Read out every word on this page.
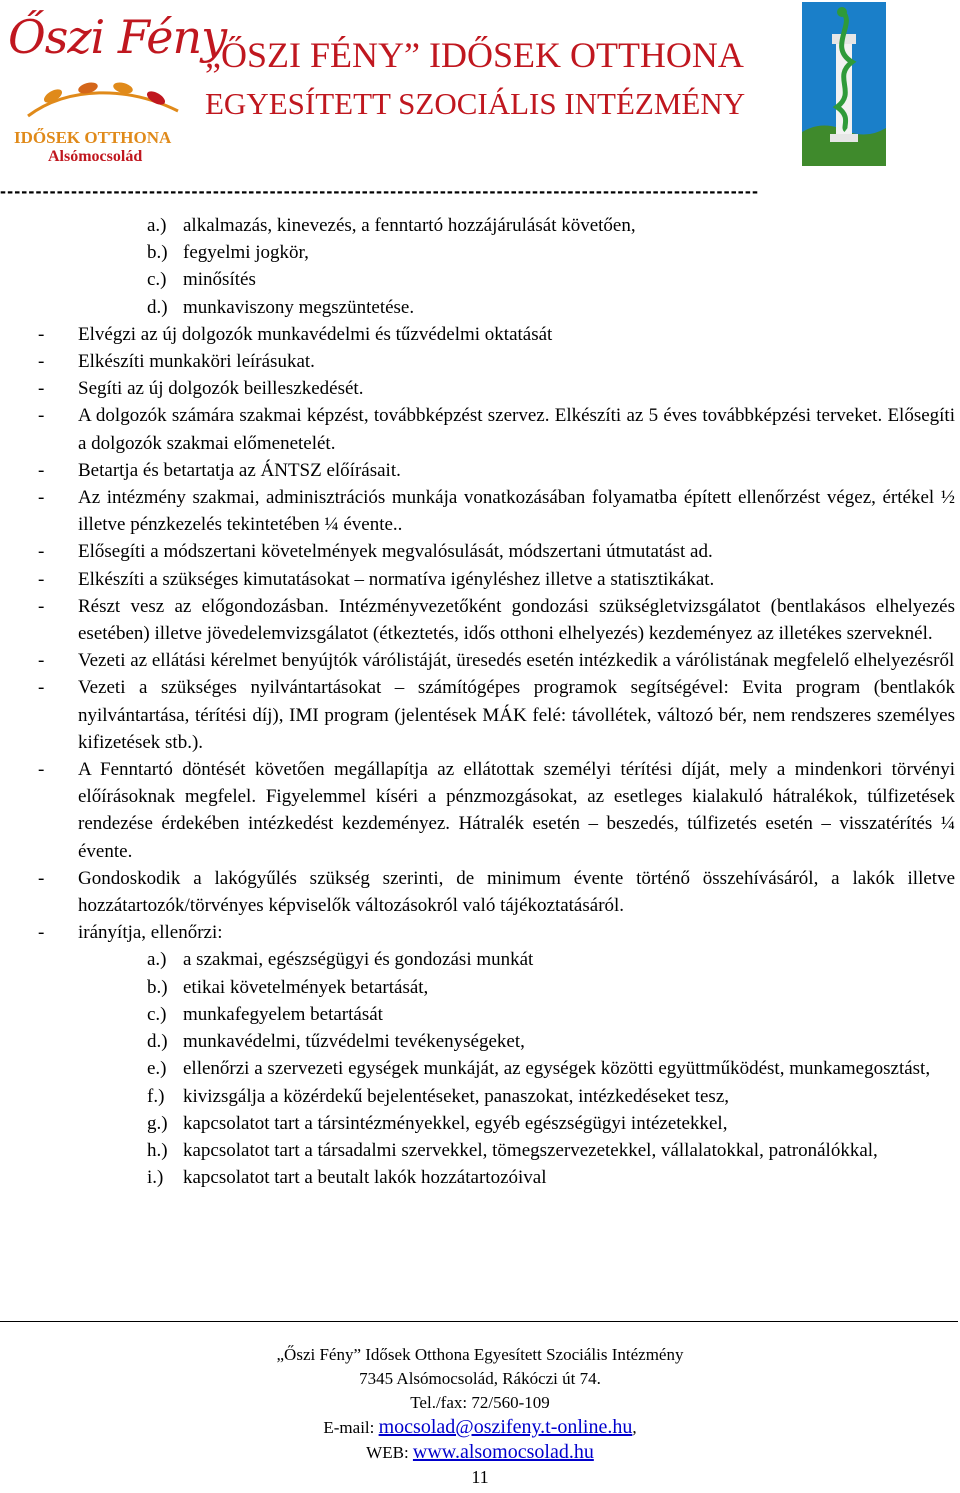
Őszi Fény
IDŐSEK OTTHONA
Alsómocsolád
„ŐSZI FÉNY” IDŐSEK OTTHONA
EGYESÍTETT SZOCIÁLIS INTÉZMÉNY
-----------------------------------------------------------------------------------------------------------
a.) alkalmazás, kinevezés, a fenntartó hozzájárulását követően,
b.) fegyelmi jogkör,
c.) minősítés
d.) munkaviszony megszüntetése.
- Elvégzi az új dolgozók munkavédelmi és tűzvédelmi oktatását
- Elkészíti munkaköri leírásukat.
- Segíti az új dolgozók beilleszkedését.
- A dolgozók számára szakmai képzést, továbbképzést szervez. Elkészíti az 5 éves továbbképzési terveket. Elősegíti a dolgozók szakmai előmenetelét.
- Betartja és betartatja az ÁNTSZ előírásait.
- Az intézmény szakmai, adminisztrációs munkája vonatkozásában folyamatba épített ellenőrzést végez, értékel ½ illetve pénzkezelés tekintetében ¼ évente..
- Elősegíti a módszertani követelmények megvalósulását, módszertani útmutatást ad.
- Elkészíti a szükséges kimutatásokat – normatíva igényléshez illetve a statisztikákat.
- Részt vesz az előgondozásban. Intézményvezetőként gondozási szükségletvizsgálatot (bentlakásos elhelyezés esetében) illetve jövedelemvizsgálatot (étkeztetés, idős otthoni elhelyezés) kezdeményez az illetékes szerveknél.
- Vezeti az ellátási kérelmet benyújtók várólistáját, üresedés esetén intézkedik a várólistának megfelelő elhelyezésről
- Vezeti a szükséges nyilvántartásokat – számítógépes programok segítségével: Evita program (bentlakók nyilvántartása, térítési díj), IMI program (jelentések MÁK felé: távollétek, változó bér, nem rendszeres személyes kifizetések stb.).
- A Fenntartó döntését követően megállapítja az ellátottak személyi térítési díját, mely a mindenkori törvényi előírásoknak megfelel. Figyelemmel kíséri a pénzmozgásokat, az esetleges kialakuló hátralékok, túlfizetések rendezése érdekében intézkedést kezdeményez. Hátralék esetén – beszedés, túlfizetés esetén – visszatérítés ¼ évente.
- Gondoskodik a lakógyűlés szükség szerinti, de minimum évente történő összehívásáról, a lakók illetve hozzátartozók/törvényes képviselők változásokról való tájékoztatásáról.
- irányítja, ellenőrzi:
a.) a szakmai, egészségügyi és gondozási munkát
b.) etikai követelmények betartását,
c.) munkafegyelem betartását
d.) munkavédelmi, tűzvédelmi tevékenységeket,
e.) ellenőrzi a szervezeti egységek munkáját, az egységek közötti együttműködést, munkamegosztást,
f.) kivizsgálja a közérdekű bejelentéseket, panaszokat, intézkedéseket tesz,
g.) kapcsolatot tart a társintézményekkel, egyéb egészségügyi intézetekkel,
h.) kapcsolatot tart a társadalmi szervekkel, tömegszervezetekkel, vállalatokkal, patronálókkal,
i.) kapcsolatot tart a beutalt lakók hozzátartozóival
„Őszi Fény” Idősek Otthona Egyesített Szociális Intézmény
7345 Alsómocsolád, Rákóczi út 74.
Tel./fax: 72/560-109
E-mail: mocsolad@oszifeny.t-online.hu,
WEB: www.alsomocsolad.hu
11
